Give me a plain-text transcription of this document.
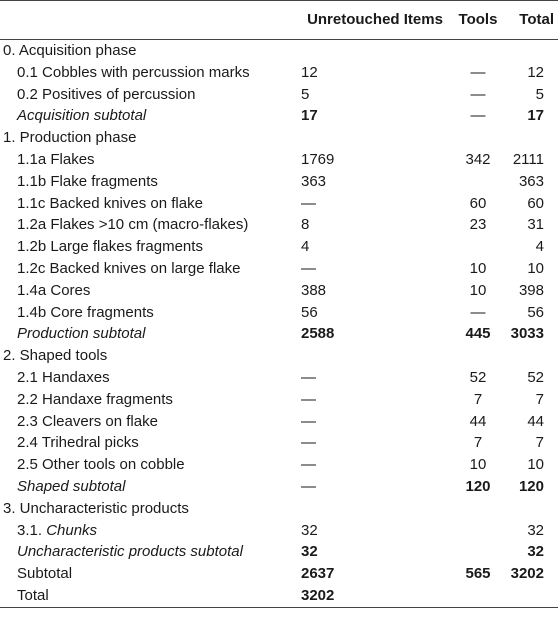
	Unretouched Items	Tools	Total
0. Acquisition phase			
0.1 Cobbles with percussion marks	12	—	12
0.2 Positives of percussion	5	—	5
Acquisition subtotal	17	—	17
1. Production phase			
1.1a Flakes	1769	342	2111
1.1b Flake fragments	363		363
1.1c Backed knives on flake	—	60	60
1.2a Flakes >10 cm (macro-flakes)	8	23	31
1.2b Large flakes fragments	4		4
1.2c Backed knives on large flake	—	10	10
1.4a Cores	388	10	398
1.4b Core fragments	56	—	56
Production subtotal	2588	445	3033
2. Shaped tools			
2.1 Handaxes	—	52	52
2.2 Handaxe fragments	—	7	7
2.3 Cleavers on flake	—	44	44
2.4 Trihedral picks	—	7	7
2.5 Other tools on cobble	—	10	10
Shaped subtotal	—	120	120
3. Uncharacteristic products			
3.1. Chunks	32		32
Uncharacteristic products subtotal	32		32
Subtotal	2637	565	3202
Total	3202		
